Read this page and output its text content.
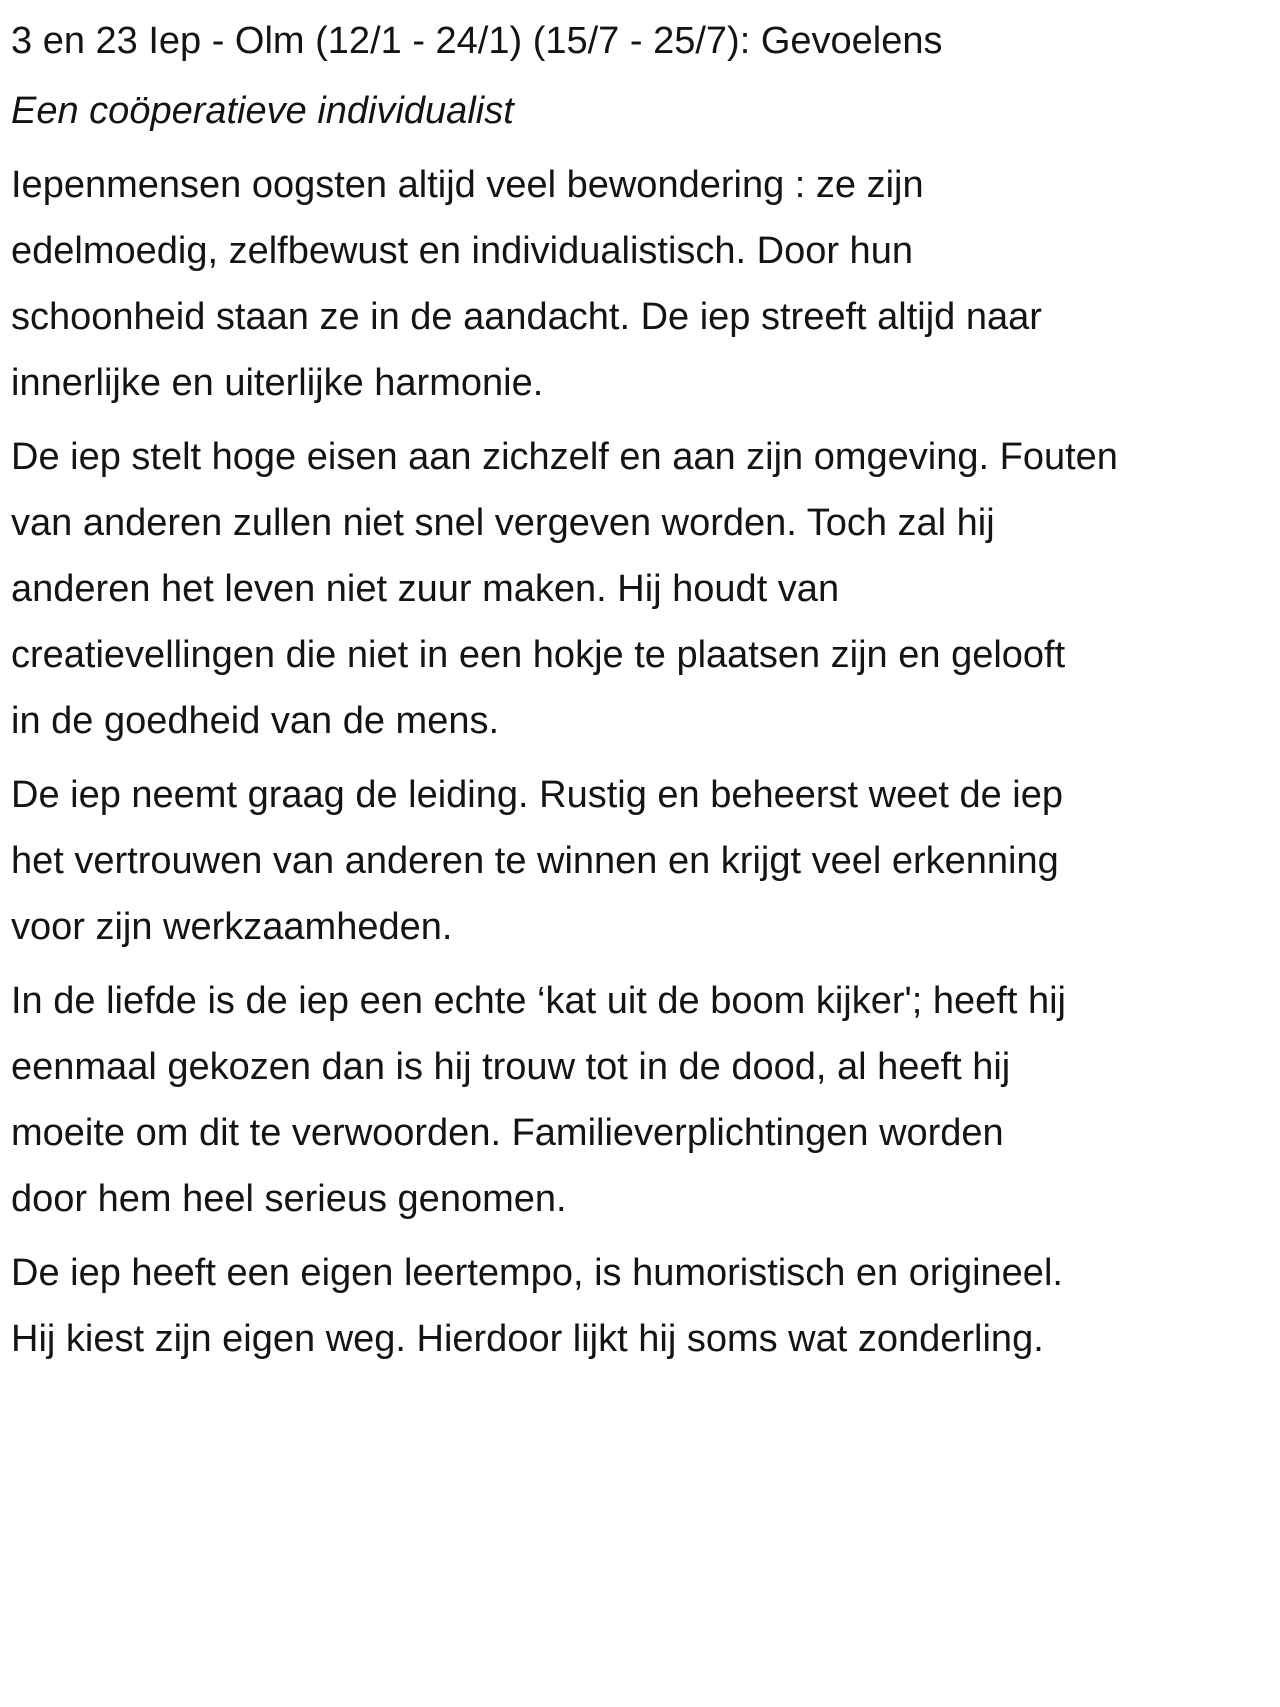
3 en 23 Iep - Olm (12/1 - 24/1) (15/7 - 25/7): Gevoelens
Een coöperatieve individualist

Iepenmensen oogsten altijd veel bewondering : ze zijn
edelmoedig, zelfbewust en individualistisch. Door hun
schoonheid staan ze in de aandacht. De iep streeft altijd naar
innerlijke en uiterlijke harmonie.

De iep stelt hoge eisen aan zichzelf en aan zijn omgeving. Fouten
van anderen zullen niet snel vergeven worden. Toch zal hij
anderen het leven niet zuur maken. Hij houdt van
creatievellingen die niet in een hokje te plaatsen zijn en gelooft
in de goedheid van de mens.

De iep neemt graag de leiding. Rustig en beheerst weet de iep
het vertrouwen van anderen te winnen en krijgt veel erkenning
voor zijn werkzaamheden.

In de liefde is de iep een echte ‘kat uit de boom kijker'; heeft hij
eenmaal gekozen dan is hij trouw tot in de dood, al heeft hij
moeite om dit te verwoorden. Familieverplichtingen worden
door hem heel serieus genomen.

De iep heeft een eigen leertempo, is humoristisch en origineel.
Hij kiest zijn eigen weg. Hierdoor lijkt hij soms wat zonderling.
